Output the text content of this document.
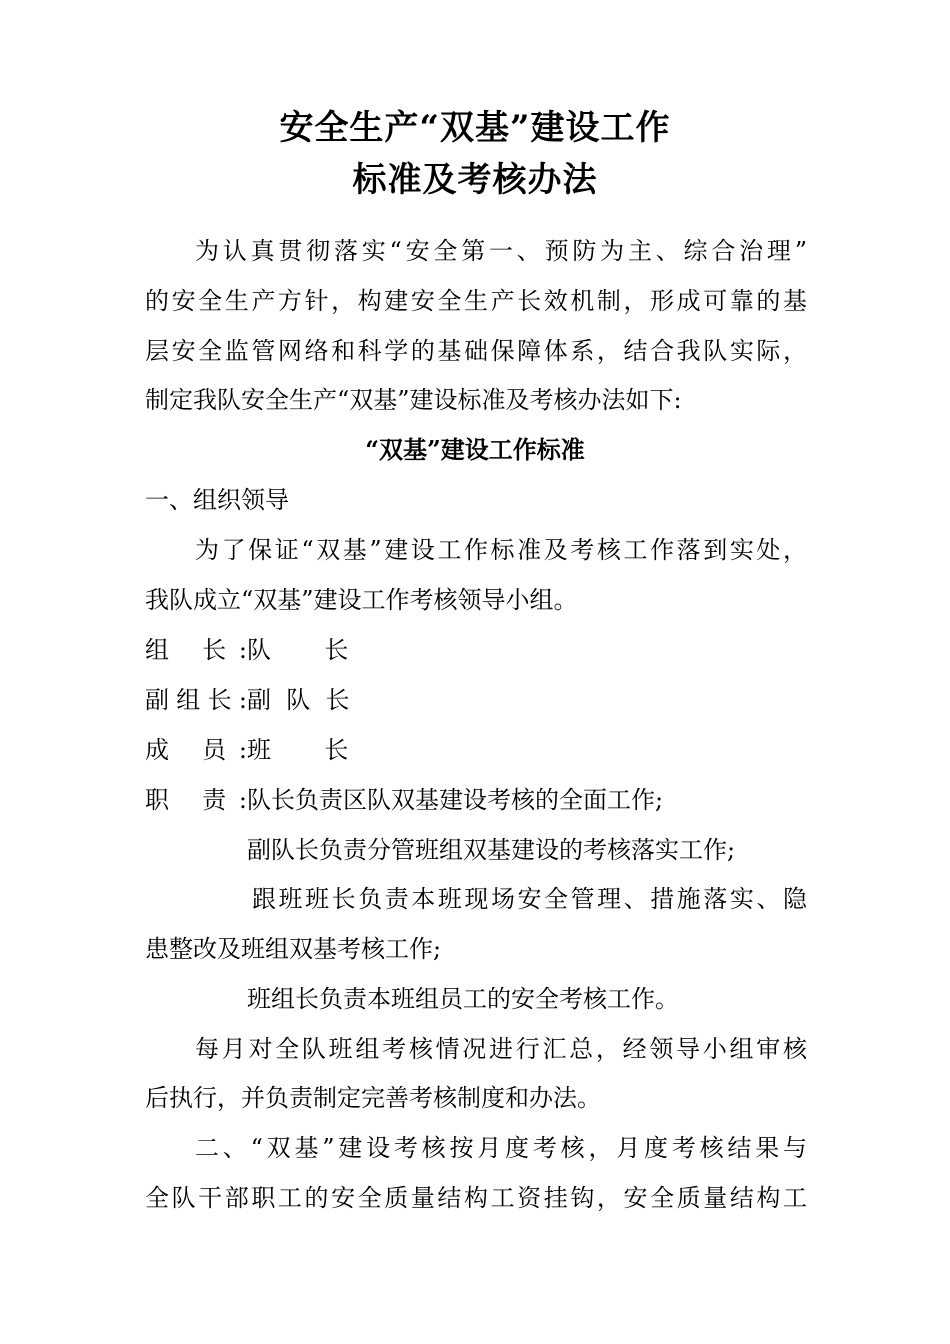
安全生产“双基”建设工作
标准及考核办法

为认真贯彻落实“安全第一、预防为主、综合治理”

的安全生产方针，构建安全生产长效机制，形成可靠的基

层安全监管网络和科学的基础保障体系，结合我队实际，

制定我队安全生产“双基”建设标准及考核办法如下:

“双基”建设工作标准

一、组织领导

为了保证“双基”建设工作标准及考核工作落到实处，

我队成立“双基”建设工作考核领导小组。

组 长:队       长

副组长:副  队  长

成 员:班       长

职 责:队长负责区队双基建设考核的全面工作;

副队长负责分管班组双基建设的考核落实工作;

跟班班长负责本班现场安全管理、措施落实、隐

患整改及班组双基考核工作;

班组长负责本班组员工的安全考核工作。

每月对全队班组考核情况进行汇总，经领导小组审核

后执行，并负责制定完善考核制度和办法。

二、“双基”建设考核按月度考核，月度考核结果与

全队干部职工的安全质量结构工资挂钩，安全质量结构工
